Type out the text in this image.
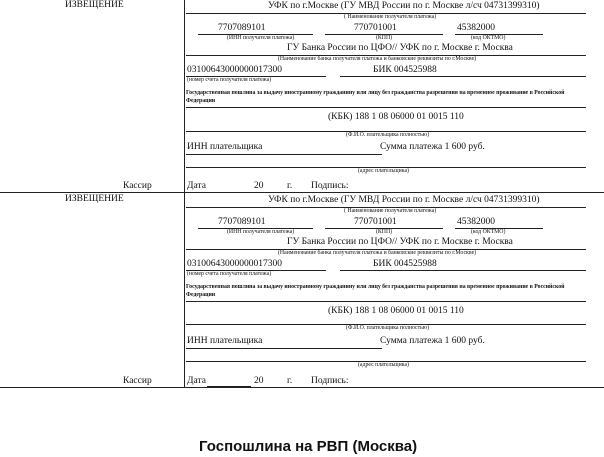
ИЗВЕЩЕНИЕ	УФК по г.Москве (ГУ МВД России по г. Москве л/сч 04731399310)
( Наименование получателя платежа)
7707089101	770701001	45382000
(ИНН получателя платежа)	(КПП)	(код ОКТМО)
ГУ Банка России по ЦФО// УФК по г. Москве г. Москва
(Наименование банка получателя платежа и банковские реквизиты по г.Москве)
03100643000000017300	БИК 004525988
(номер счета получателя платежа)
Государственная пошлина за выдачу иностранному гражданину или лицу без гражданства разрешения на временное проживание в Российской Федерации
(КБК) 188 1 08 06000 01 0015 110
(Ф.И.О. плательщика полностью)
ИНН плательщика	Сумма платежа 1 600 руб.
(адрес плательщика)
Кассир	Дата	20 г. Подпись:
ИЗВЕЩЕНИЕ	УФК по г.Москве (ГУ МВД России по г. Москве л/сч 04731399310)
( Наименование получателя платежа)
7707089101	770701001	45382000
(ИНН получателя платежа)	(КПП)	(код ОКТМО)
ГУ Банка России по ЦФО// УФК по г. Москве г. Москва
(Наименование банка получателя платежа и банковские реквизиты по г.Москве)
03100643000000017300	БИК 004525988
(номер счета получателя платежа)
Государственная пошлина за выдачу иностранному гражданину или лицу без гражданства разрешения на временное проживание в Российской Федерации
(КБК) 188 1 08 06000 01 0015 110
(Ф.И.О. плательщика полностью)
ИНН плательщика	Сумма платежа 1 600 руб.
(адрес плательщика)
Кассир	Дата	20 г. Подпись:
Госпошлина на РВП (Москва)
